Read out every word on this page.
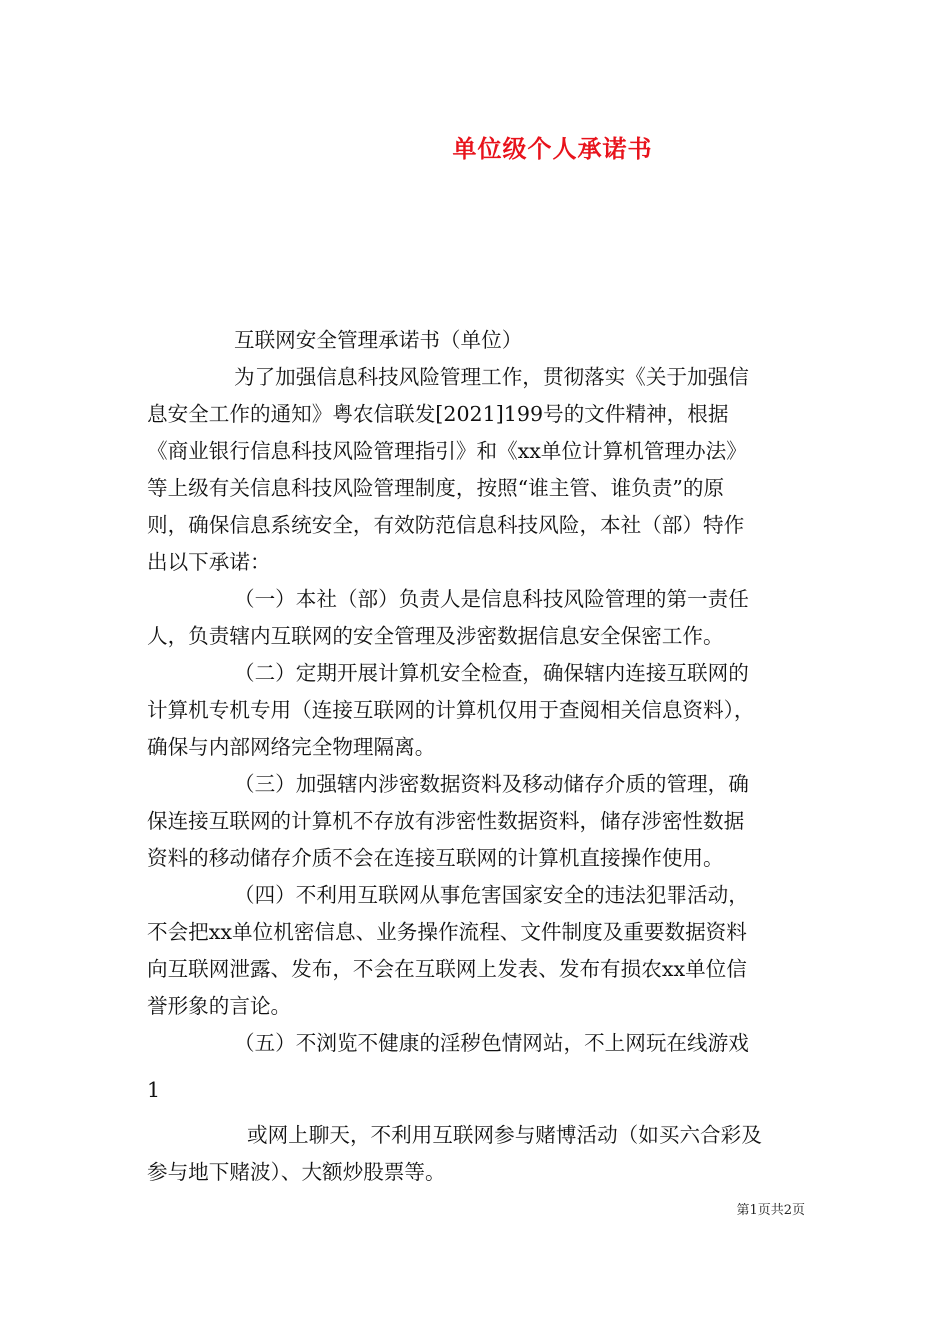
单位级个人承诺书
互联网安全管理承诺书（单位）
为了加强信息科技风险管理工作，贯彻落实《关于加强信
息安全工作的通知》粤农信联发[2021]199号的文件精神，根据
《商业银行信息科技风险管理指引》和《xx单位计算机管理办法》
等上级有关信息科技风险管理制度，按照“谁主管、谁负责”的原
则，确保信息系统安全，有效防范信息科技风险，本社（部）特作
出以下承诺：
（一）本社（部）负责人是信息科技风险管理的第一责任
人，负责辖内互联网的安全管理及涉密数据信息安全保密工作。
（二）定期开展计算机安全检查，确保辖内连接互联网的
计算机专机专用（连接互联网的计算机仅用于查阅相关信息资料），
确保与内部网络完全物理隔离。
（三）加强辖内涉密数据资料及移动储存介质的管理，确
保连接互联网的计算机不存放有涉密性数据资料，储存涉密性数据
资料的移动储存介质不会在连接互联网的计算机直接操作使用。
（四）不利用互联网从事危害国家安全的违法犯罪活动，
不会把xx单位机密信息、业务操作流程、文件制度及重要数据资料
向互联网泄露、发布，不会在互联网上发表、发布有损农xx单位信
誉形象的言论。
（五）不浏览不健康的淫秽色情网站，不上网玩在线游戏
1
或网上聊天，不利用互联网参与赌博活动（如买六合彩及
参与地下赌波）、大额炒股票等。
第1页共2页
